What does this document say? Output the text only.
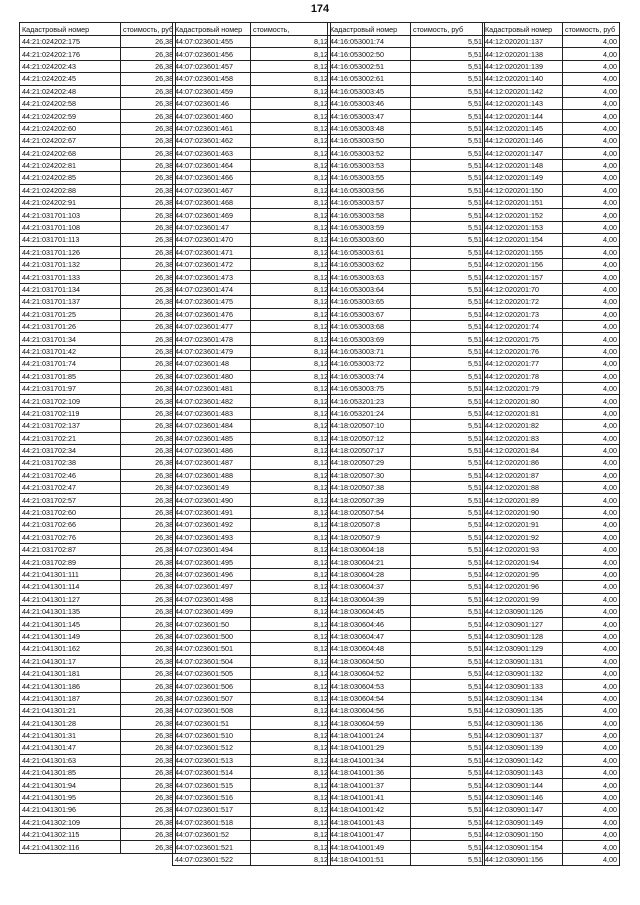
174
Кадастровый номер	стоимость, руб
44:21:024202:175	26,38
44:21:024202:176	26,38
44:21:024202:43	26,38
44:21:024202:45	26,38
44:21:024202:48	26,38
44:21:024202:58	26,38
44:21:024202:59	26,38
44:21:024202:60	26,38
44:21:024202:67	26,38
44:21:024202:68	26,38
44:21:024202:81	26,38
44:21:024202:85	26,38
44:21:024202:88	26,38
44:21:024202:91	26,38
44:21:031701:103	26,38
44:21:031701:108	26,38
44:21:031701:113	26,38
44:21:031701:126	26,38
44:21:031701:132	26,38
44:21:031701:133	26,38
44:21:031701:134	26,38
44:21:031701:137	26,38
44:21:031701:25	26,38
44:21:031701:26	26,38
44:21:031701:34	26,38
44:21:031701:42	26,38
44:21:031701:74	26,38
44:21:031701:85	26,38
44:21:031701:97	26,38
44:21:031702:109	26,38
44:21:031702:119	26,38
44:21:031702:137	26,38
44:21:031702:21	26,38
44:21:031702:34	26,38
44:21:031702:38	26,38
44:21:031702:46	26,38
44:21:031702:47	26,38
44:21:031702:57	26,38
44:21:031702:60	26,38
44:21:031702:66	26,38
44:21:031702:76	26,38
44:21:031702:87	26,38
44:21:031702:89	26,38
44:21:041301:111	26,38
44:21:041301:114	26,38
44:21:041301:127	26,38
44:21:041301:135	26,38
44:21:041301:145	26,38
44:21:041301:149	26,38
44:21:041301:162	26,38
44:21:041301:17	26,38
44:21:041301:181	26,38
44:21:041301:186	26,38
44:21:041301:187	26,38
44:21:041301:21	26,38
44:21:041301:28	26,38
44:21:041301:31	26,38
44:21:041301:47	26,38
44:21:041301:63	26,38
44:21:041301:85	26,38
44:21:041301:94	26,38
44:21:041301:95	26,38
44:21:041301:96	26,38
44:21:041302:109	26,38
44:21:041302:115	26,38
44:21:041302:116	26,38
Кадастровый номер	стоимость,
44:07:023601:455	8,12
44:07:023601:456	8,12
44:07:023601:457	8,12
44:07:023601:458	8,12
44:07:023601:459	8,12
44:07:023601:46	8,12
44:07:023601:460	8,12
44:07:023601:461	8,12
44:07:023601:462	8,12
44:07:023601:463	8,12
44:07:023601:464	8,12
44:07:023601:466	8,12
44:07:023601:467	8,12
44:07:023601:468	8,12
44:07:023601:469	8,12
44:07:023601:47	8,12
44:07:023601:470	8,12
44:07:023601:471	8,12
44:07:023601:472	8,12
44:07:023601:473	8,12
44:07:023601:474	8,12
44:07:023601:475	8,12
44:07:023601:476	8,12
44:07:023601:477	8,12
44:07:023601:478	8,12
44:07:023601:479	8,12
44:07:023601:48	8,12
44:07:023601:480	8,12
44:07:023601:481	8,12
44:07:023601:482	8,12
44:07:023601:483	8,12
44:07:023601:484	8,12
44:07:023601:485	8,12
44:07:023601:486	8,12
44:07:023601:487	8,12
44:07:023601:488	8,12
44:07:023601:49	8,12
44:07:023601:490	8,12
44:07:023601:491	8,12
44:07:023601:492	8,12
44:07:023601:493	8,12
44:07:023601:494	8,12
44:07:023601:495	8,12
44:07:023601:496	8,12
44:07:023601:497	8,12
44:07:023601:498	8,12
44:07:023601:499	8,12
44:07:023601:50	8,12
44:07:023601:500	8,12
44:07:023601:501	8,12
44:07:023601:504	8,12
44:07:023601:505	8,12
44:07:023601:506	8,12
44:07:023601:507	8,12
44:07:023601:508	8,12
44:07:023601:51	8,12
44:07:023601:510	8,12
44:07:023601:512	8,12
44:07:023601:513	8,12
44:07:023601:514	8,12
44:07:023601:515	8,12
44:07:023601:516	8,12
44:07:023601:517	8,12
44:07:023601:518	8,12
44:07:023601:52	8,12
44:07:023601:521	8,12
44:07:023601:522	8,12
Кадастровый номер	стоимость, руб
44:16:053001:74	5,51
44:16:053002:50	5,51
44:16:053002:51	5,51
44:16:053002:61	5,51
44:16:053003:45	5,51
44:16:053003:46	5,51
44:16:053003:47	5,51
44:16:053003:48	5,51
44:16:053003:50	5,51
44:16:053003:52	5,51
44:16:053003:53	5,51
44:16:053003:55	5,51
44:16:053003:56	5,51
44:16:053003:57	5,51
44:16:053003:58	5,51
44:16:053003:59	5,51
44:16:053003:60	5,51
44:16:053003:61	5,51
44:16:053003:62	5,51
44:16:053003:63	5,51
44:16:053003:64	5,51
44:16:053003:65	5,51
44:16:053003:67	5,51
44:16:053003:68	5,51
44:16:053003:69	5,51
44:16:053003:71	5,51
44:16:053003:72	5,51
44:16:053003:74	5,51
44:16:053003:75	5,51
44:16:053201:23	5,51
44:16:053201:24	5,51
44:18:020507:10	5,51
44:18:020507:12	5,51
44:18:020507:17	5,51
44:18:020507:29	5,51
44:18:020507:30	5,51
44:18:020507:38	5,51
44:18:020507:39	5,51
44:18:020507:54	5,51
44:18:020507:8	5,51
44:18:020507:9	5,51
44:18:030604:18	5,51
44:18:030604:21	5,51
44:18:030604:28	5,51
44:18:030604:37	5,51
44:18:030604:39	5,51
44:18:030604:45	5,51
44:18:030604:46	5,51
44:18:030604:47	5,51
44:18:030604:48	5,51
44:18:030604:50	5,51
44:18:030604:52	5,51
44:18:030604:53	5,51
44:18:030604:54	5,51
44:18:030604:56	5,51
44:18:030604:59	5,51
44:18:041001:24	5,51
44:18:041001:29	5,51
44:18:041001:34	5,51
44:18:041001:36	5,51
44:18:041001:37	5,51
44:18:041001:41	5,51
44:18:041001:42	5,51
44:18:041001:43	5,51
44:18:041001:47	5,51
44:18:041001:49	5,51
44:18:041001:51	5,51
Кадастровый номер	стоимость, руб
44:12:020201:137	4,00
44:12:020201:138	4,00
44:12:020201:139	4,00
44:12:020201:140	4,00
44:12:020201:142	4,00
44:12:020201:143	4,00
44:12:020201:144	4,00
44:12:020201:145	4,00
44:12:020201:146	4,00
44:12:020201:147	4,00
44:12:020201:148	4,00
44:12:020201:149	4,00
44:12:020201:150	4,00
44:12:020201:151	4,00
44:12:020201:152	4,00
44:12:020201:153	4,00
44:12:020201:154	4,00
44:12:020201:155	4,00
44:12:020201:156	4,00
44:12:020201:157	4,00
44:12:020201:70	4,00
44:12:020201:72	4,00
44:12:020201:73	4,00
44:12:020201:74	4,00
44:12:020201:75	4,00
44:12:020201:76	4,00
44:12:020201:77	4,00
44:12:020201:78	4,00
44:12:020201:79	4,00
44:12:020201:80	4,00
44:12:020201:81	4,00
44:12:020201:82	4,00
44:12:020201:83	4,00
44:12:020201:84	4,00
44:12:020201:86	4,00
44:12:020201:87	4,00
44:12:020201:88	4,00
44:12:020201:89	4,00
44:12:020201:90	4,00
44:12:020201:91	4,00
44:12:020201:92	4,00
44:12:020201:93	4,00
44:12:020201:94	4,00
44:12:020201:95	4,00
44:12:020201:96	4,00
44:12:020201:99	4,00
44:12:030901:126	4,00
44:12:030901:127	4,00
44:12:030901:128	4,00
44:12:030901:129	4,00
44:12:030901:131	4,00
44:12:030901:132	4,00
44:12:030901:133	4,00
44:12:030901:134	4,00
44:12:030901:135	4,00
44:12:030901:136	4,00
44:12:030901:137	4,00
44:12:030901:139	4,00
44:12:030901:142	4,00
44:12:030901:143	4,00
44:12:030901:144	4,00
44:12:030901:146	4,00
44:12:030901:147	4,00
44:12:030901:149	4,00
44:12:030901:150	4,00
44:12:030901:154	4,00
44:12:030901:156	4,00
